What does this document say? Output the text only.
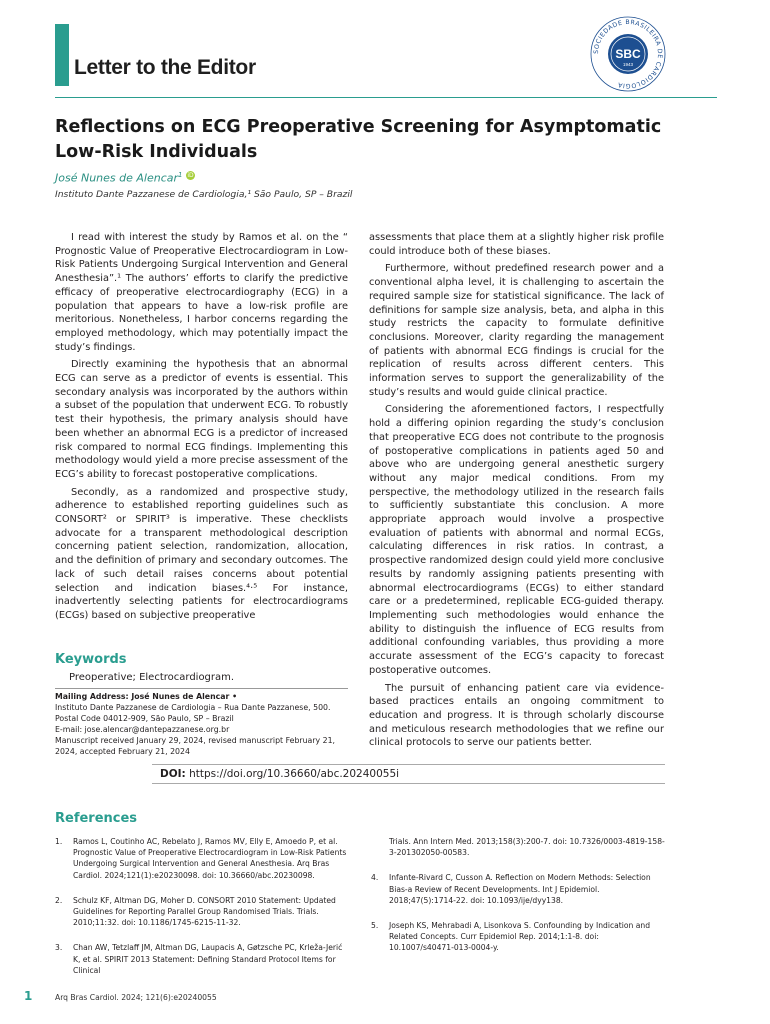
Letter to the Editor
SOCIEDADE BRASILEIRA DE CARDIOLOGIA
SBC
1943
Reflections on ECG Preoperative Screening for Asymptomatic Low-Risk Individuals
José Nunes de Alencar$^1$ iD
Instituto Dante Pazzanese de Cardiologia,¹ São Paulo, SP – Brazil

I read with interest the study by Ramos et al. on the “ Prognostic Value of Preoperative Electrocardiogram in Low-Risk Patients Undergoing Surgical Intervention and General Anesthesia”.¹ The authors’ efforts to clarify the predictive efficacy of preoperative electrocardiography (ECG) in a population that appears to have a low-risk profile are meritorious. Nonetheless, I harbor concerns regarding the employed methodology, which may potentially impact the study’s findings.

Directly examining the hypothesis that an abnormal ECG can serve as a predictor of events is essential. This secondary analysis was incorporated by the authors within a subset of the population that underwent ECG. To robustly test their hypothesis, the primary analysis should have been whether an abnormal ECG is a predictor of increased risk compared to normal ECG findings. Implementing this methodology would yield a more precise assessment of the ECG’s ability to forecast postoperative complications.

Secondly, as a randomized and prospective study, adherence to established reporting guidelines such as CONSORT² or SPIRIT³ is imperative. These checklists advocate for a transparent methodological description concerning patient selection, randomization, allocation, and the definition of primary and secondary outcomes. The lack of such detail raises concerns about potential selection and indication biases.⁴·⁵ For instance, inadvertently selecting patients for electrocardiograms (ECGs) based on subjective preoperative

assessments that place them at a slightly higher risk profile could introduce both of these biases.

Furthermore, without predefined research power and a conventional alpha level, it is challenging to ascertain the required sample size for statistical significance. The lack of definitions for sample size analysis, beta, and alpha in this study restricts the capacity to formulate definitive conclusions. Moreover, clarity regarding the management of patients with abnormal ECG findings is crucial for the replication of results across different centers. This information serves to support the generalizability of the study’s results and would guide clinical practice.

Considering the aforementioned factors, I respectfully hold a differing opinion regarding the study’s conclusion that preoperative ECG does not contribute to the prognosis of postoperative complications in patients aged 50 and above who are undergoing general anesthetic surgery without any major medical conditions. From my perspective, the methodology utilized in the research fails to sufficiently substantiate this conclusion. A more appropriate approach would involve a prospective evaluation of patients with abnormal and normal ECGs, calculating differences in risk ratios. In contrast, a prospective randomized design could yield more conclusive results by randomly assigning patients presenting with abnormal electrocardiograms (ECGs) to either standard care or a predetermined, replicable ECG-guided therapy. Implementing such methodologies would enhance the ability to distinguish the influence of ECG results from additional confounding variables, thus providing a more accurate assessment of the ECG’s capacity to forecast postoperative outcomes.

The pursuit of enhancing patient care via evidence-based practices entails an ongoing commitment to education and progress. It is through scholarly discourse and meticulous research methodologies that we refine our clinical protocols to serve our patients better.

Keywords
Preoperative; Electrocardiogram.
Mailing Address: José Nunes de Alencar •
Instituto Dante Pazzanese de Cardiologia – Rua Dante Pazzanese, 500. Postal Code 04012-909, São Paulo, SP – Brazil
E-mail: jose.alencar@dantepazzanese.org.br
Manuscript received January 29, 2024, revised manuscript February 21, 2024, accepted February 21, 2024
DOI: https://doi.org/10.36660/abc.20240055i
References
1. Ramos L, Coutinho AC, Rebelato J, Ramos MV, Elly E, Amoedo P, et al. Prognostic Value of Preoperative Electrocardiogram in Low-Risk Patients Undergoing Surgical Intervention and General Anesthesia. Arq Bras Cardiol. 2024;121(1):e20230098. doi: 10.36660/abc.20230098.
2. Schulz KF, Altman DG, Moher D. CONSORT 2010 Statement: Updated Guidelines for Reporting Parallel Group Randomised Trials. Trials. 2010;11:32. doi: 10.1186/1745-6215-11-32.
3. Chan AW, Tetzlaff JM, Altman DG, Laupacis A, Gøtzsche PC, Krleža-Jerić K, et al. SPIRIT 2013 Statement: Defining Standard Protocol Items for Clinical
Trials. Ann Intern Med. 2013;158(3):200-7. doi: 10.7326/0003-4819-158-3-201302050-00583.
4. Infante-Rivard C, Cusson A. Reflection on Modern Methods: Selection Bias-a Review of Recent Developments. Int J Epidemiol. 2018;47(5):1714-22. doi: 10.1093/ije/dyy138.
5. Joseph KS, Mehrabadi A, Lisonkova S. Confounding by Indication and Related Concepts. Curr Epidemiol Rep. 2014;1:1-8. doi: 10.1007/s40471-013-0004-y.
1	Arq Bras Cardiol. 2024; 121(6):e20240055
